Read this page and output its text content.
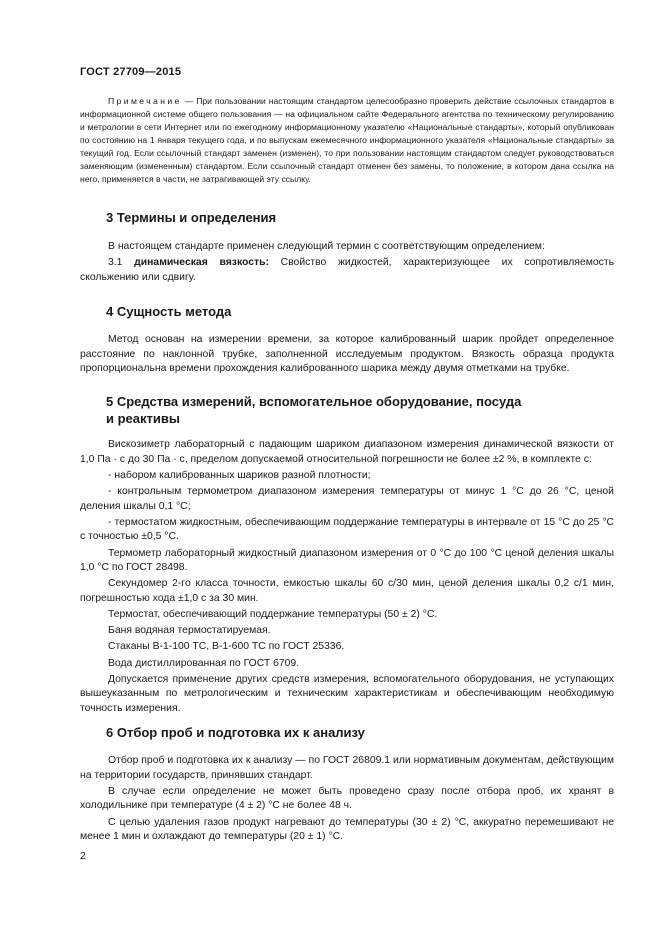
ГОСТ 27709—2015

Примечание — При пользовании настоящим стандартом целесообразно проверить действие ссылочных стандартов в информационной системе общего пользования — на официальном сайте Федерального агентства по техническому регулированию и метрологии в сети Интернет или по ежегодному информационному указателю «Национальные стандарты», который опубликован по состоянию на 1 января текущего года, и по выпускам ежемесячного информационного указателя «Национальные стандарты» за текущий год. Если ссылочный стандарт заменен (изменен), то при пользовании настоящим стандартом следует руководствоваться заменяющим (измененным) стандартом. Если ссылочный стандарт отменен без замены, то положение, в котором дана ссылка на него, применяется в части, не затрагивающей эту ссылку.

3 Термины и определения

В настоящем стандарте применен следующий термин с соответствующим определением:

3.1 динамическая вязкость: Свойство жидкостей, характеризующее их сопротивляемость скольжению или сдвигу.

4 Сущность метода

Метод основан на измерении времени, за которое калиброванный шарик пройдет определенное расстояние по наклонной трубке, заполненной исследуемым продуктом. Вязкость образца продукта пропорциональна времени прохождения калиброванного шарика между двумя отметками на трубке.

5 Средства измерений, вспомогательное оборудование, посуда
и реактивы

Вискозиметр лабораторный с падающим шариком диапазоном измерения динамической вязкости от 1,0 Па · с до 30 Па · с, пределом допускаемой относительной погрешности не более ±2 %, в комплекте с:

- набором калиброванных шариков разной плотности;

- контрольным термометром диапазоном измерения температуры от минус 1 °С до 26 °С, ценой деления шкалы 0,1 °С;

- термостатом жидкостным, обеспечивающим поддержание температуры в интервале от 15 °С до 25 °С с точностью ±0,5 °С.

Термометр лабораторный жидкостный диапазоном измерения от 0 °С до 100 °С ценой деления шкалы 1,0 °С по ГОСТ 28498.

Секундомер 2-го класса точности, емкостью шкалы 60 с/30 мин, ценой деления шкалы 0,2 с/1 мин, погрешностью хода ±1,0 с за 30 мин.

Термостат, обеспечивающий поддержание температуры (50 ± 2) °С.

Баня водяная термостатируемая.

Стаканы В-1-100 ТС, В-1-600 ТС по ГОСТ 25336.

Вода дистиллированная по ГОСТ 6709.

Допускается применение других средств измерения, вспомогательного оборудования, не уступающих вышеуказанным по метрологическим и техническим характеристикам и обеспечивающим необходимую точность измерения.

6 Отбор проб и подготовка их к анализу

Отбор проб и подготовка их к анализу — по ГОСТ 26809.1 или нормативным документам, действующим на территории государств, принявших стандарт.

В случае если определение не может быть проведено сразу после отбора проб, их хранят в холодильнике при температуре (4 ± 2) °С не более 48 ч.

С целью удаления газов продукт нагревают до температуры (30 ± 2) °С, аккуратно перемешивают не менее 1 мин и охлаждают до температуры (20 ± 1) °С.

2
